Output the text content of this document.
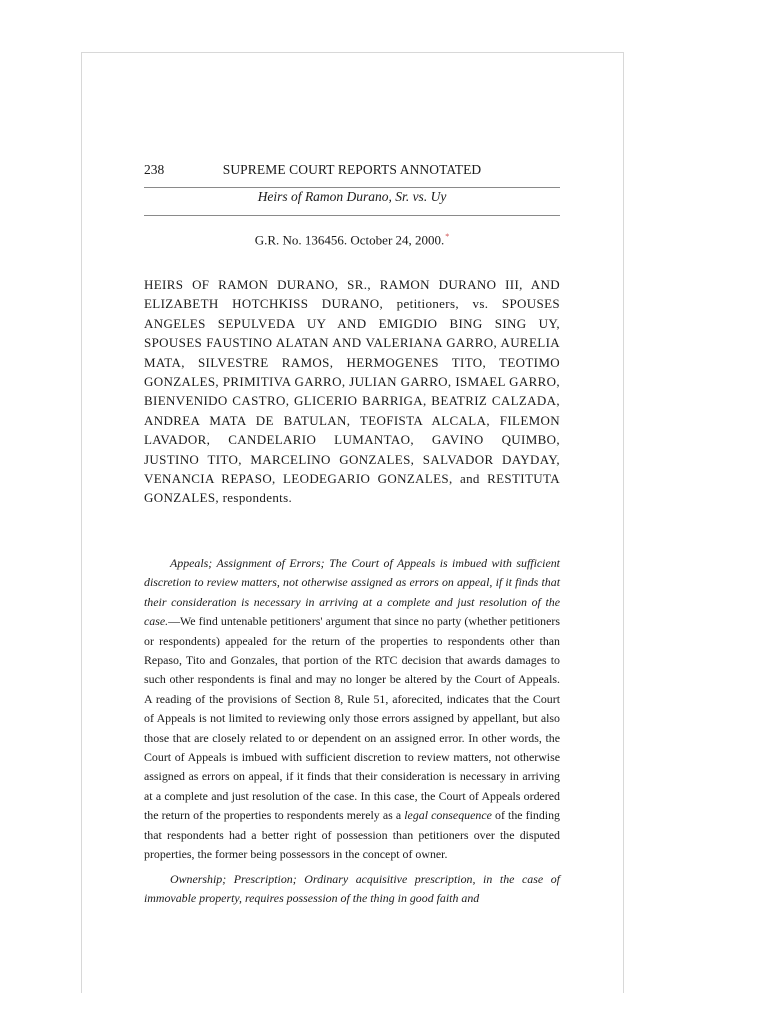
238	SUPREME COURT REPORTS ANNOTATED
Heirs of Ramon Durano, Sr. vs. Uy
G.R. No. 136456. October 24, 2000.*
HEIRS OF RAMON DURANO, SR., RAMON DURANO III, AND ELIZABETH HOTCHKISS DURANO, petitioners, vs. SPOUSES ANGELES SEPULVEDA UY AND EMIGDIO BING SING UY, SPOUSES FAUSTINO ALATAN AND VALERIANA GARRO, AURELIA MATA, SILVESTRE RAMOS, HERMOGENES TITO, TEOTIMO GONZALES, PRIMITIVA GARRO, JULIAN GARRO, ISMAEL GARRO, BIENVENIDO CASTRO, GLICERIO BARRIGA, BEATRIZ CALZADA, ANDREA MATA DE BATULAN, TEOFISTA ALCALA, FILEMON LAVADOR, CANDELARIO LUMANTAO, GAVINO QUIMBO, JUSTINO TITO, MARCELINO GONZALES, SALVADOR DAYDAY, VENANCIA REPASO, LEODEGARIO GONZALES, and RESTITUTA GONZALES, respondents.

Appeals; Assignment of Errors; The Court of Appeals is imbued with sufficient discretion to review matters, not otherwise assigned as errors on appeal, if it finds that their consideration is necessary in arriving at a complete and just resolution of the case.—We find untenable petitioners' argument that since no party (whether petitioners or respondents) appealed for the return of the properties to respondents other than Repaso, Tito and Gonzales, that portion of the RTC decision that awards damages to such other respondents is final and may no longer be altered by the Court of Appeals. A reading of the provisions of Section 8, Rule 51, aforecited, indicates that the Court of Appeals is not limited to reviewing only those errors assigned by appellant, but also those that are closely related to or dependent on an assigned error. In other words, the Court of Appeals is imbued with sufficient discretion to review matters, not otherwise assigned as errors on appeal, if it finds that their consideration is necessary in arriving at a complete and just resolution of the case. In this case, the Court of Appeals ordered the return of the properties to respondents merely as a legal consequence of the finding that respondents had a better right of possession than petitioners over the disputed properties, the former being possessors in the concept of owner.

Ownership; Prescription; Ordinary acquisitive prescription, in the case of immovable property, requires possession of the thing in good faith and
